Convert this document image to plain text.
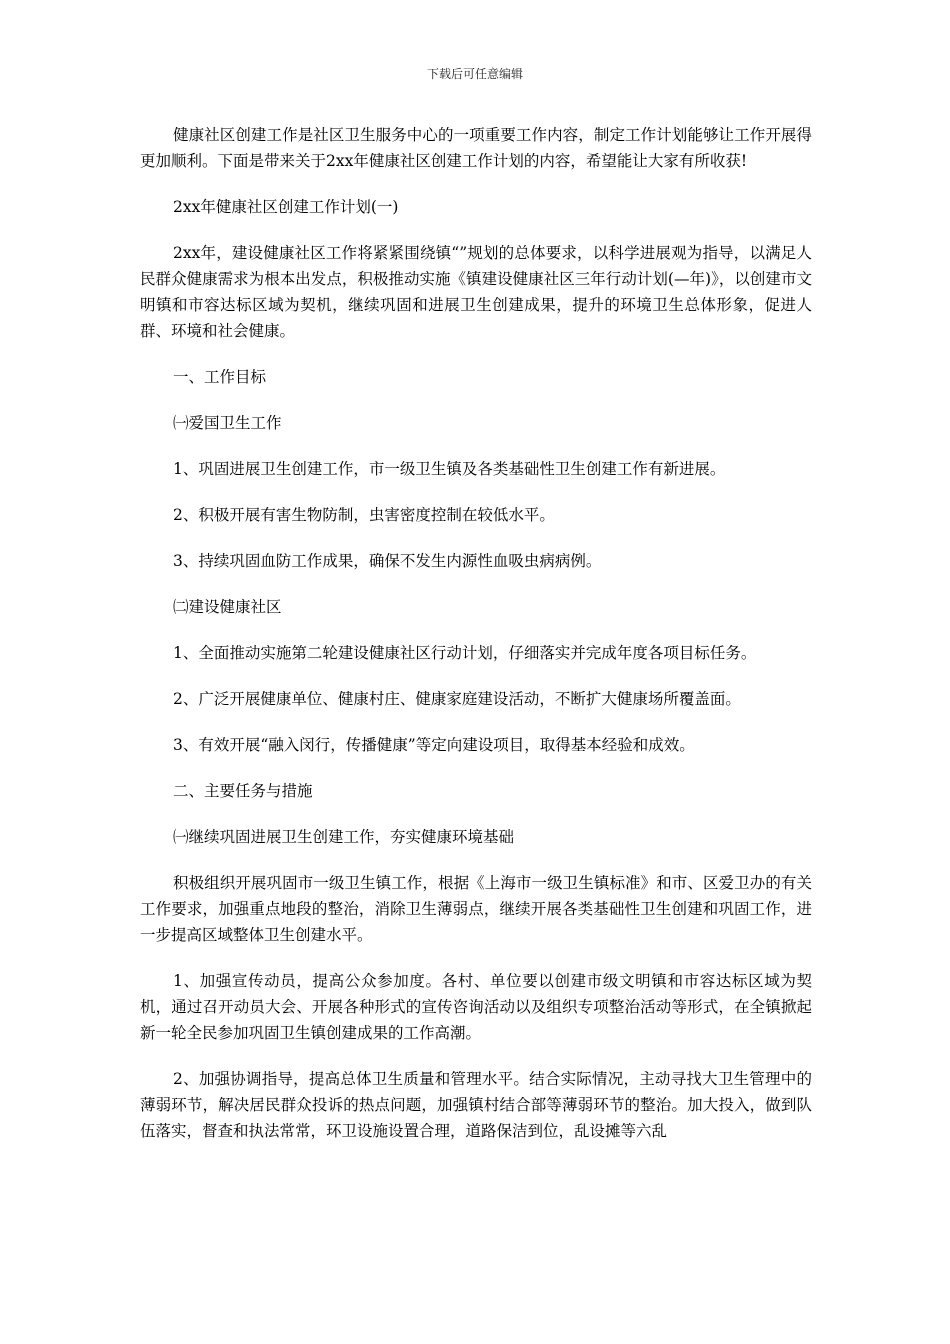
下载后可任意编辑

健康社区创建工作是社区卫生服务中心的一项重要工作内容，制定工作计划能够让工作开展得更加顺利。下面是带来关于2xx年健康社区创建工作计划的内容，希望能让大家有所收获!

2xx年健康社区创建工作计划(一)

2xx年，建设健康社区工作将紧紧围绕镇“”规划的总体要求，以科学进展观为指导，以满足人民群众健康需求为根本出发点，积极推动实施《镇建设健康社区三年行动计划(—年)》，以创建市文明镇和市容达标区域为契机，继续巩固和进展卫生创建成果，提升的环境卫生总体形象，促进人群、环境和社会健康。

一、工作目标

㈠爱国卫生工作

1、巩固进展卫生创建工作，市一级卫生镇及各类基础性卫生创建工作有新进展。

2、积极开展有害生物防制，虫害密度控制在较低水平。

3、持续巩固血防工作成果，确保不发生内源性血吸虫病病例。

㈡建设健康社区

1、全面推动实施第二轮建设健康社区行动计划，仔细落实并完成年度各项目标任务。

2、广泛开展健康单位、健康村庄、健康家庭建设活动，不断扩大健康场所覆盖面。

3、有效开展“融入闵行，传播健康”等定向建设项目，取得基本经验和成效。

二、主要任务与措施

㈠继续巩固进展卫生创建工作，夯实健康环境基础

积极组织开展巩固市一级卫生镇工作，根据《上海市一级卫生镇标准》和市、区爱卫办的有关工作要求，加强重点地段的整治，消除卫生薄弱点，继续开展各类基础性卫生创建和巩固工作，进一步提高区域整体卫生创建水平。

1、加强宣传动员，提高公众参加度。各村、单位要以创建市级文明镇和市容达标区域为契机，通过召开动员大会、开展各种形式的宣传咨询活动以及组织专项整治活动等形式，在全镇掀起新一轮全民参加巩固卫生镇创建成果的工作高潮。

2、加强协调指导，提高总体卫生质量和管理水平。结合实际情况，主动寻找大卫生管理中的薄弱环节，解决居民群众投诉的热点问题，加强镇村结合部等薄弱环节的整治。加大投入，做到队伍落实，督查和执法常常，环卫设施设置合理，道路保洁到位，乱设摊等六乱
